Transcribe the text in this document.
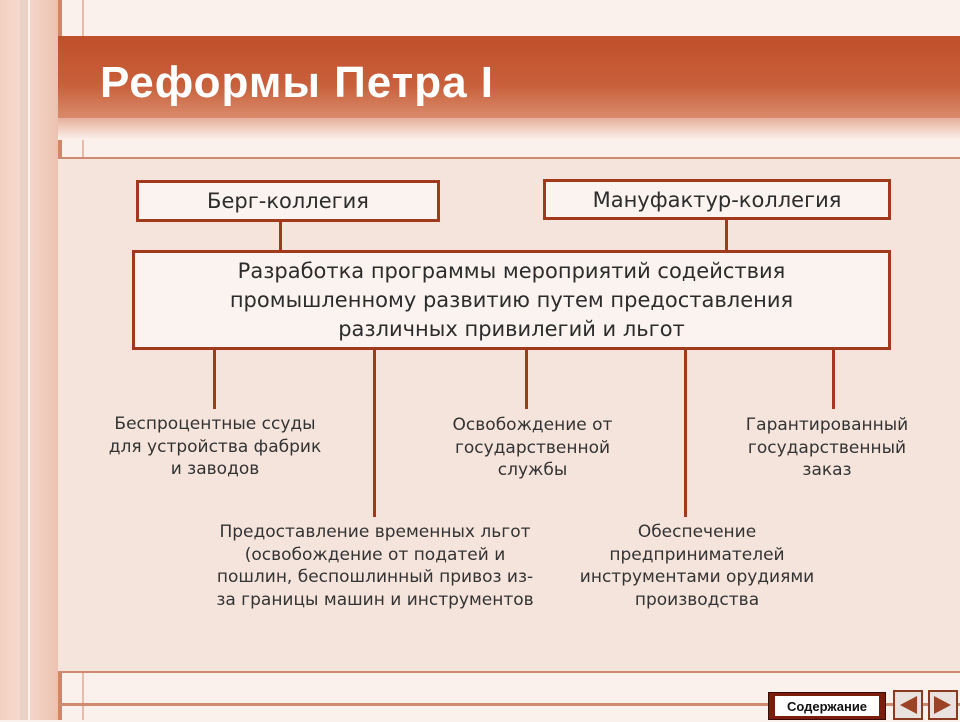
Реформы Петра I
Берг-коллегия	Мануфактур-коллегия
Разработка программы мероприятий содействия
промышленному развитию путем предоставления
различных привилегий и льгот
Беспроцентные ссуды
для устройства фабрик
и заводов
Освобождение от
государственной
службы
Гарантированный
государственный
заказ
Предоставление временных льгот
(освобождение от податей и
пошлин, беспошлинный привоз из-
за границы машин и инструментов
Обеспечение
предпринимателей
инструментами орудиями
производства
Содержание
